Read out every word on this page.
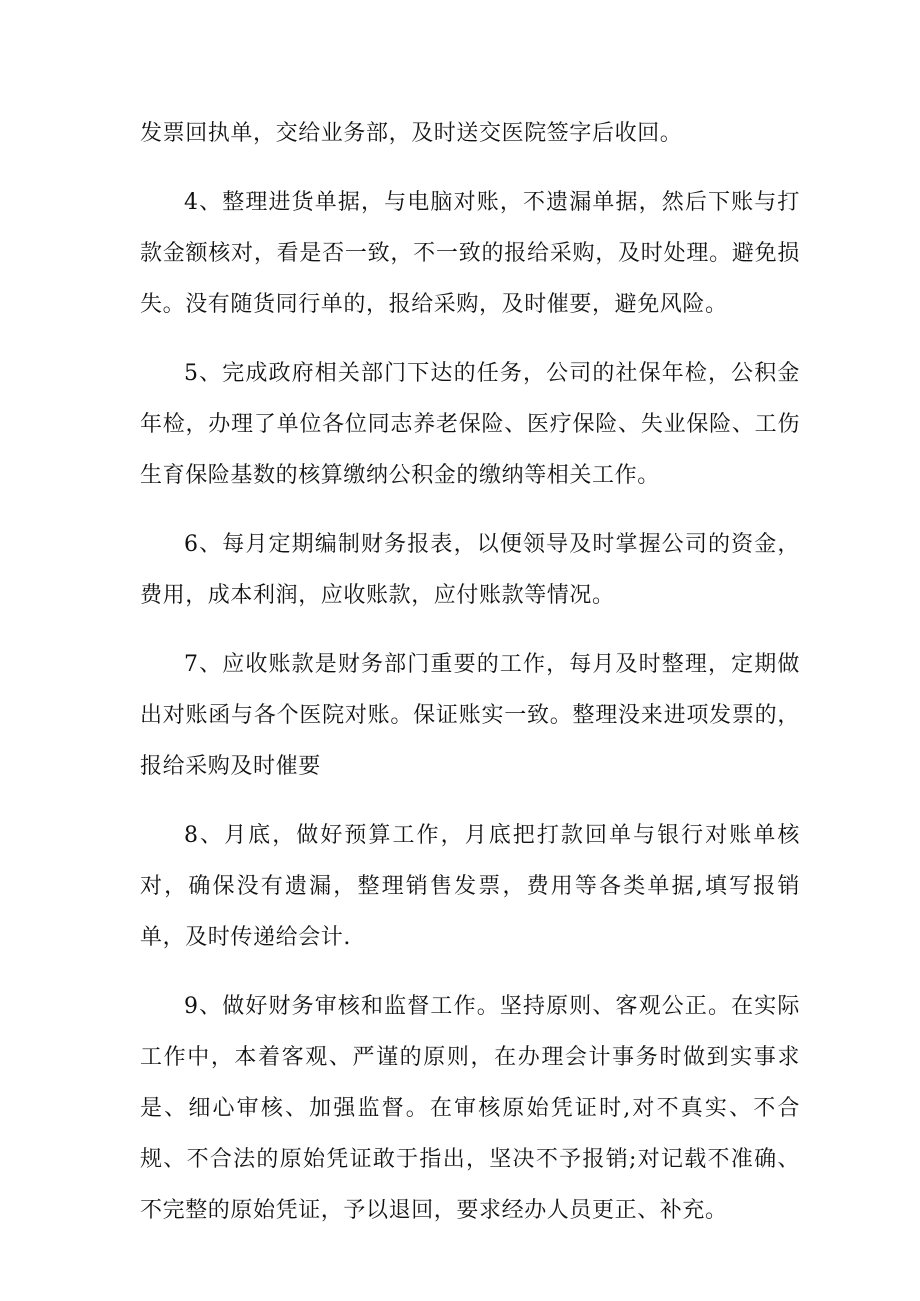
发票回执单，交给业务部，及时送交医院签字后收回。

4、整理进货单据，与电脑对账，不遗漏单据，然后下账与打款金额核对，看是否一致，不一致的报给采购，及时处理。避免损失。没有随货同行单的，报给采购，及时催要，避免风险。

5、完成政府相关部门下达的任务，公司的社保年检，公积金年检，办理了单位各位同志养老保险、医疗保险、失业保险、工伤生育保险基数的核算缴纳公积金的缴纳等相关工作。

6、每月定期编制财务报表，以便领导及时掌握公司的资金，费用，成本利润，应收账款，应付账款等情况。

7、应收账款是财务部门重要的工作，每月及时整理，定期做出对账函与各个医院对账。保证账实一致。整理没来进项发票的，报给采购及时催要

8、月底，做好预算工作，月底把打款回单与银行对账单核对，确保没有遗漏，整理销售发票，费用等各类单据,填写报销单，及时传递给会计.

9、做好财务审核和监督工作。坚持原则、客观公正。在实际工作中，本着客观、严谨的原则，在办理会计事务时做到实事求是、细心审核、加强监督。在审核原始凭证时,对不真实、不合规、不合法的原始凭证敢于指出，坚决不予报销;对记载不准确、不完整的原始凭证，予以退回，要求经办人员更正、补充。
